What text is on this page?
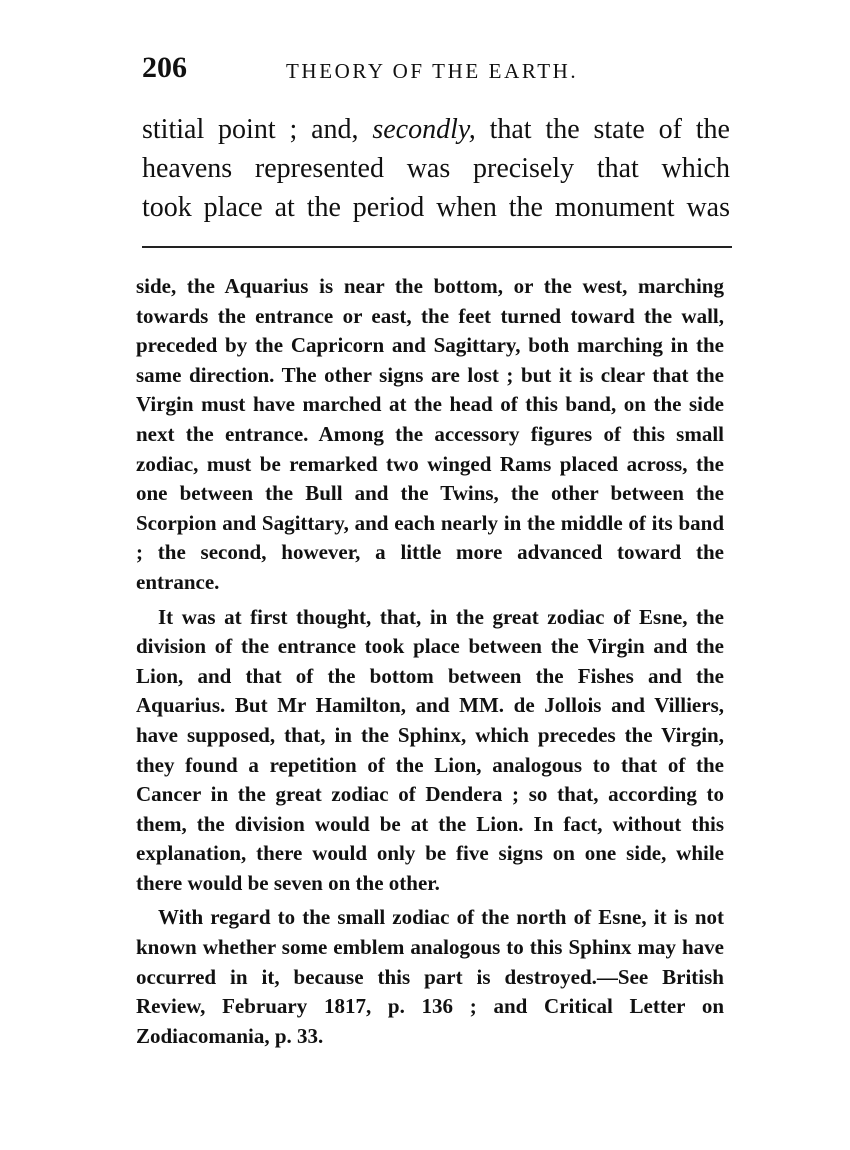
206	THEORY OF THE EARTH.
stitial point ; and, secondly, that the state of the
heavens represented was precisely that which
took place at the period when the monument was

side, the Aquarius is near the bottom, or the west, marching towards the entrance or east, the feet turned toward the wall, preceded by the Capricorn and Sagittary, both marching in the same direction. The other signs are lost ; but it is clear that the Virgin must have marched at the head of this band, on the side next the entrance. Among the accessory figures of this small zodiac, must be remarked two winged Rams placed across, the one between the Bull and the Twins, the other between the Scorpion and Sagittary, and each nearly in the middle of its band ; the second, however, a little more advanced toward the entrance.

It was at first thought, that, in the great zodiac of Esne, the division of the entrance took place between the Virgin and the Lion, and that of the bottom between the Fishes and the Aquarius. But Mr Hamilton, and MM. de Jollois and Villiers, have supposed, that, in the Sphinx, which precedes the Virgin, they found a repetition of the Lion, analogous to that of the Cancer in the great zodiac of Dendera ; so that, according to them, the division would be at the Lion. In fact, without this explanation, there would only be five signs on one side, while there would be seven on the other.

With regard to the small zodiac of the north of Esne, it is not known whether some emblem analogous to this Sphinx may have occurred in it, because this part is destroyed.—See British Review, February 1817, p. 136 ; and Critical Letter on Zodiacomania, p. 33.
